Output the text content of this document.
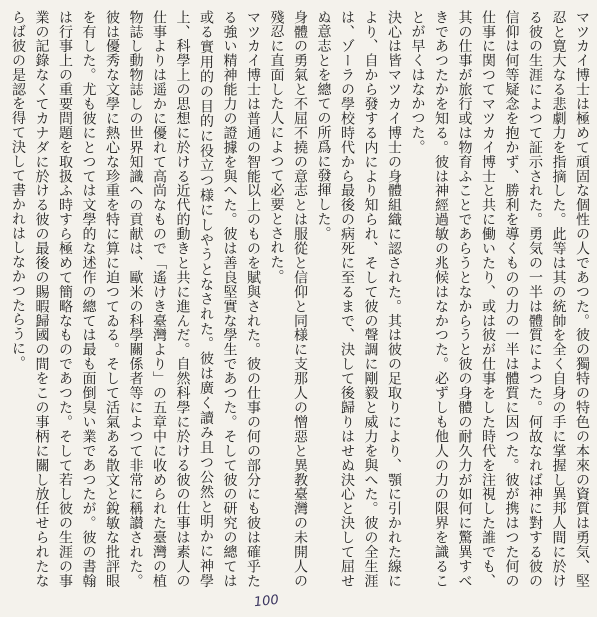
マツカイ博士は極めて頑固な個性の人であつた。彼の獨特の特色の本來の資質は勇気、堅忍と寛大なる悲劇力を指摘した。此等は其の統帥を全く自身の手に掌握し異邦人間に於ける彼の生涯によつて証示された。勇気の一半は體質によつた。何故なれば神に對する彼の信仰は何等疑念を抱かず、勝利を導くものの力の一半は體質に因つた。彼が携はつた何の仕事に関つてマツカイ博士と共に働いたり、或は彼が仕事をした時代を注視した誰でも、其の仕事が旅行或は物育ふことであらうとなからうと彼の身體の耐久力が如何に驚異すべきであつたかを知る。彼は神經過敏の兆候はなかつた。必ずしも他人の力の限界を識ることが早くはなかつた。

決心は皆マツカイ博士の身體組織に認された。其は彼の足取りにより、顎に引かれた線により、自から發する内により知られ、そして彼の聲調に剛毅と威力を與へた。彼の全生涯は、ゾーラの學校時代から最後の病死に至るまで、決して後歸りはせぬ決心と決して屈せぬ意志とを總ての所爲に發揮した。

身體の勇氣と不屈不撓の意志とは服從と信仰と同様に支那人の憎惡と異教臺灣の未開人の殘忍に直面した人によつて必要とされた。

マツカイ博士は普通の智能以上のものを賦與された。彼の仕事の何の部分にも彼は確乎たる強い精神能力の證據を與へた。彼は善良堅實な學生であつた。そして彼の研究の總ては或る實用的の目的に役立つ様にしやうとなされた。彼は廣く讀み且つ公然と明かに神學上、科學上の思想に於ける近代的動きと共に進んだ。自然科學に於ける彼の仕事は素人の仕事よりは遥かに優れて高尚なもので「遙けき臺灣より」の五章中に收められた臺灣の植物誌し動物誌しの世界知識への貢献は、歐米の科學關係者等によつて非常に稱讃された。彼は優秀な文學に熱心な珍重を特に算に迫つてゐる。そして活氣ある散文と銳敏な批評眼を有した。尤も彼にとつては文學的な述作の總ては最も面倒臭い業であつたが。彼の書翰は行事上の重要問題を取扱ふ時すら極めて簡略なものであつた。そして若し彼の生涯の事業の記錄なくてカナダに於ける彼の最後の賜暇歸國の間をこの事柄に關し放任せられたならば彼の是認を得て決して書かれはしなかつたらうに。

100
